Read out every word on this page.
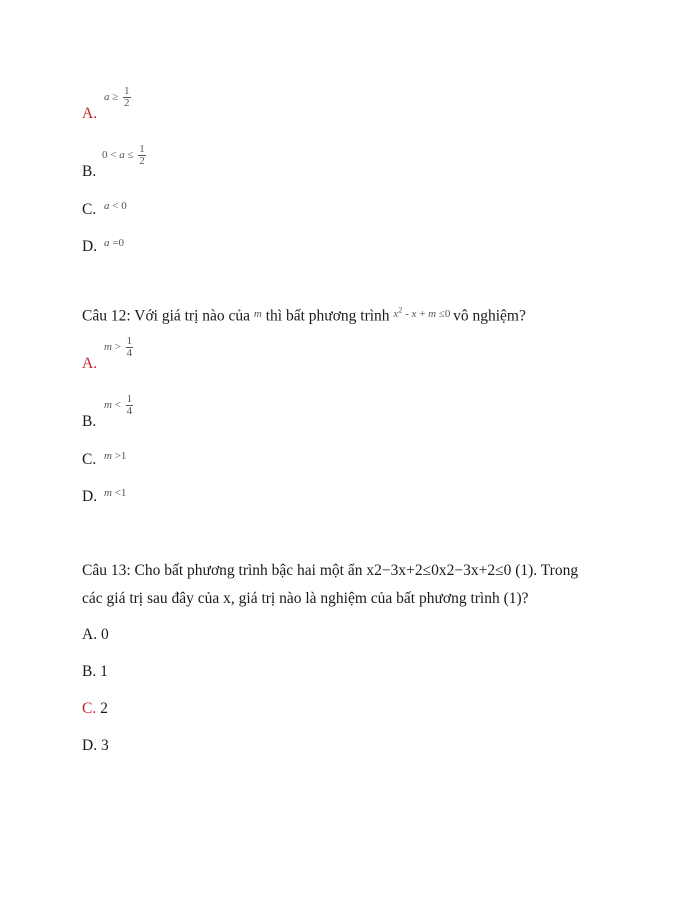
A.
$a \ge \frac{1}{2}$
B.
$0 < a \le \frac{1}{2}$
C. a < 0
D. a =0
Câu 12: Với giá trị nào của $^m$ thì bất phương trình $^{x^2 - x + m \le 0}$ vô nghiệm?
A.
$m > \frac{1}{4}$
B.
$m < \frac{1}{4}$
C. m >1
D. m <1
Câu 13: Cho bất phương trình bậc hai một ẩn x2−3x+2≤0x2−3x+2≤0 (1). Trong
các giá trị sau đây của x, giá trị nào là nghiệm của bất phương trình (1)?
A. 0
B. 1
C. 2
D. 3
